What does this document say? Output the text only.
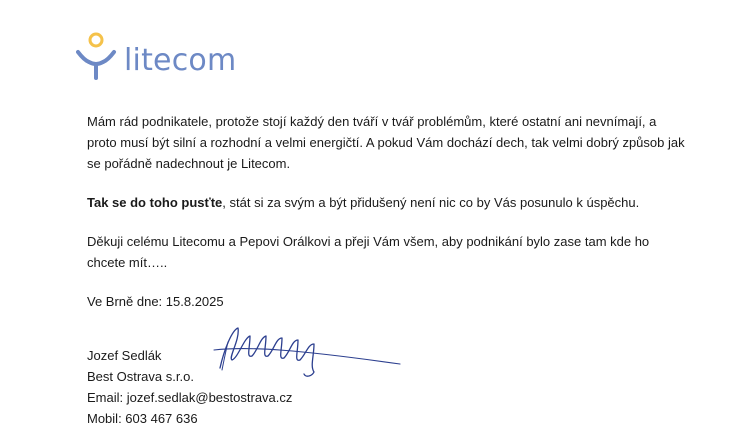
litecom

Mám rád podnikatele, protože stojí každý den tváří v tvář problémům, které ostatní ani nevnímají, a proto musí být silní a rozhodní a velmi energičtí. A pokud Vám dochází dech, tak velmi dobrý způsob jak se pořádně nadechnout je Litecom.

Tak se do toho pusťte, stát si za svým a být přidušený není nic co by Vás posunulo k úspěchu.

Děkuji celému Litecomu a Pepovi Orálkovi a přeji Vám všem, aby podnikání bylo zase tam kde ho chcete mít…..

Ve Brně dne: 15.8.2025

Jozef Sedlák
Best Ostrava s.r.o.
Email: jozef.sedlak@bestostrava.cz
Mobil: 603 467 636
